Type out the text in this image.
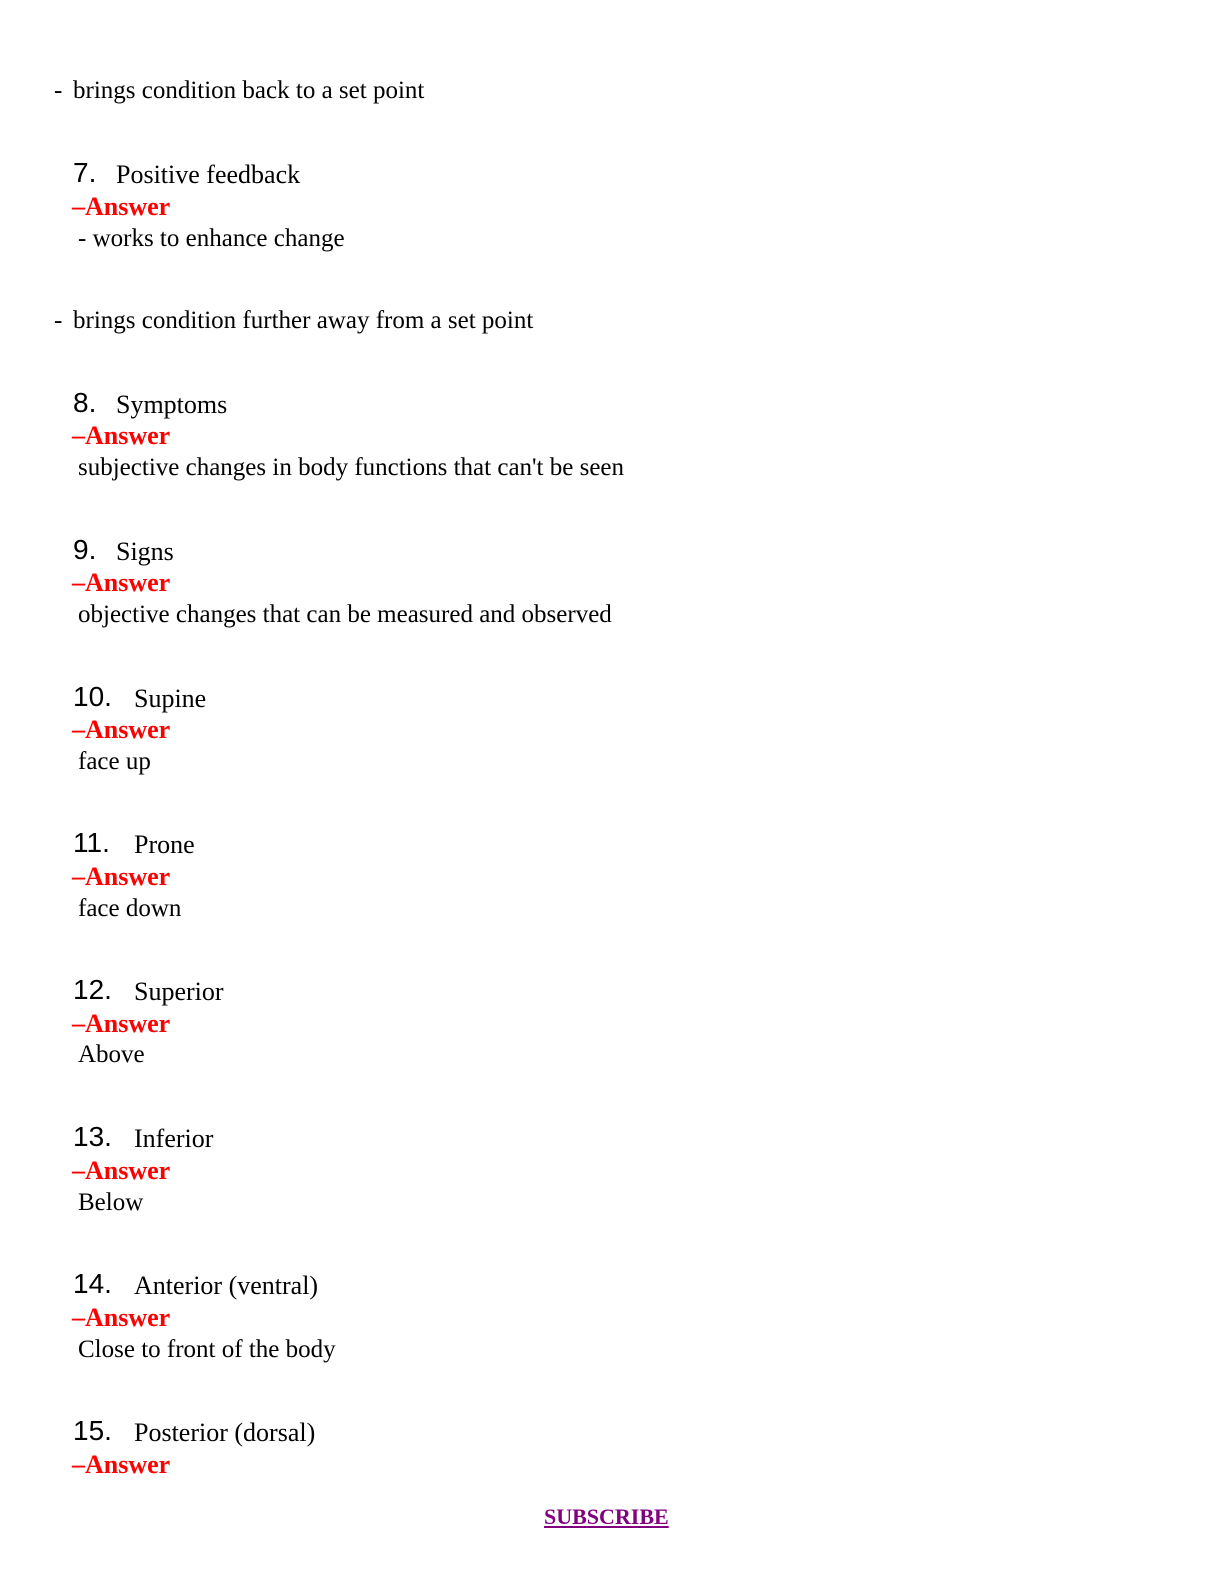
- brings condition back to a set point
7. Positive feedback
–Answer
- works to enhance change
- brings condition further away from a set point
8. Symptoms
–Answer
subjective changes in body functions that can't be seen
9. Signs
–Answer
objective changes that can be measured and observed
10. Supine
–Answer
face up
11. Prone
–Answer
face down
12. Superior
–Answer
Above
13. Inferior
–Answer
Below
14. Anterior (ventral)
–Answer
Close to front of the body
15. Posterior (dorsal)
–Answer
SUBSCRIBE
